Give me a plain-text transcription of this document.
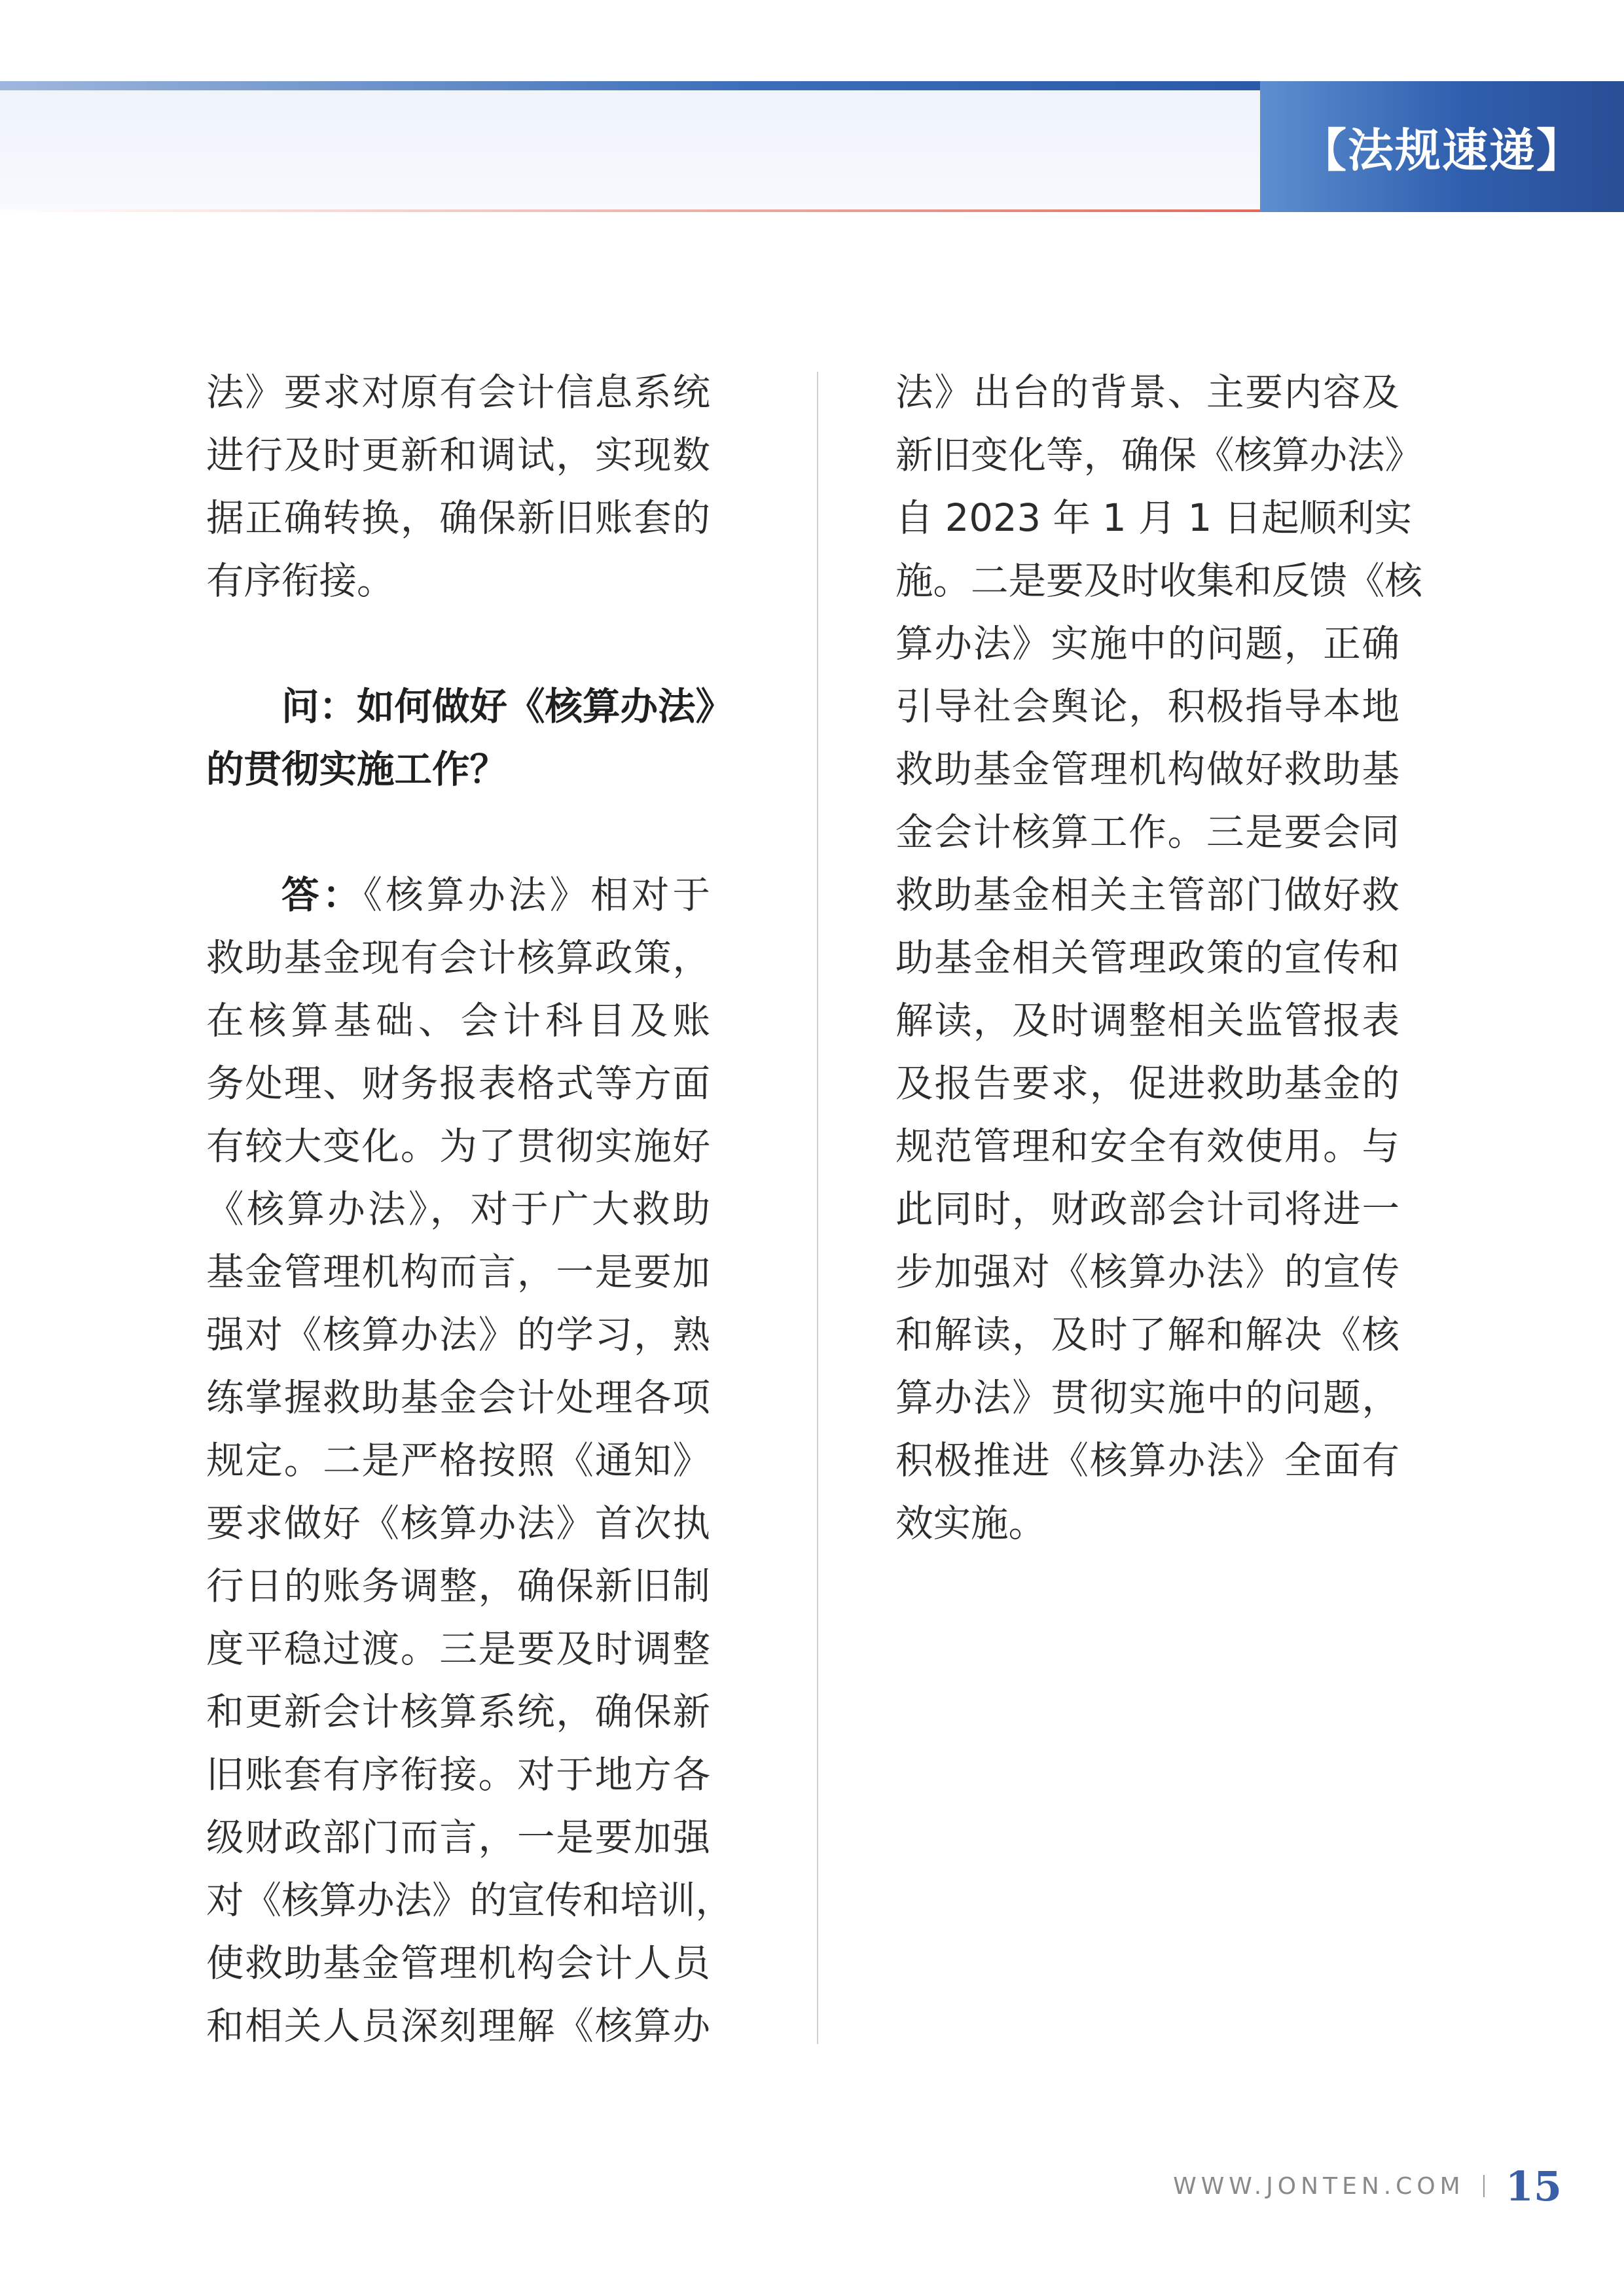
【法规速递】
法》要求对原有会计信息系统
进行及时更新和调试，实现数
据正确转换，确保新旧账套的
有序衔接。
问：如何做好《核算办法》
的贯彻实施工作？
答：《核算办法》相对于
救助基金现有会计核算政策，
在核算基础、会计科目及账
务处理、财务报表格式等方面
有较大变化。为了贯彻实施好
《核算办法》，对于广大救助
基金管理机构而言，一是要加
强对《核算办法》的学习，熟
练掌握救助基金会计处理各项
规定。二是严格按照《通知》
要求做好《核算办法》首次执
行日的账务调整，确保新旧制
度平稳过渡。三是要及时调整
和更新会计核算系统，确保新
旧账套有序衔接。对于地方各
级财政部门而言，一是要加强
对《核算办法》的宣传和培训，
使救助基金管理机构会计人员
和相关人员深刻理解《核算办
法》出台的背景、主要内容及
新旧变化等，确保《核算办法》
自 2023 年 1 月 1 日起顺利实
施。二是要及时收集和反馈《核
算办法》实施中的问题，正确
引导社会舆论，积极指导本地
救助基金管理机构做好救助基
金会计核算工作。三是要会同
救助基金相关主管部门做好救
助基金相关管理政策的宣传和
解读，及时调整相关监管报表
及报告要求，促进救助基金的
规范管理和安全有效使用。与
此同时，财政部会计司将进一
步加强对《核算办法》的宣传
和解读，及时了解和解决《核
算办法》贯彻实施中的问题，
积极推进《核算办法》全面有
效实施。
WWW.JONTEN.COM 15
